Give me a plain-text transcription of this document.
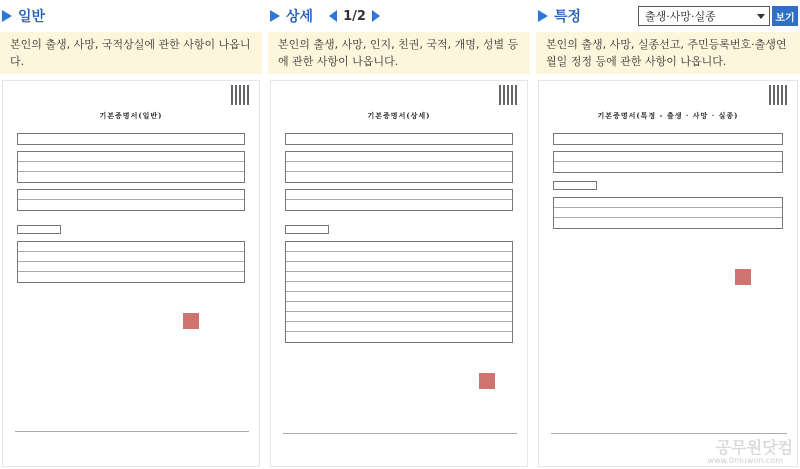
일반
본인의 출생, 사망, 국적상실에 관한 사항이 나옵니다.
기본증명서(일반)
상세 1/2
본인의 출생, 사망, 인지, 친권, 국적, 개명, 성별 등에 관한 사항이 나옵니다.
기본증명서(상세)
특정	출생·사망·실종	보기
본인의 출생, 사망, 실종선고, 주민등록번호·출생연월일 정정 등에 관한 사항이 나옵니다.
기본증명서(특정 - 출생 · 사망 · 실종)
공무원닷컴
www.0muwon.com
